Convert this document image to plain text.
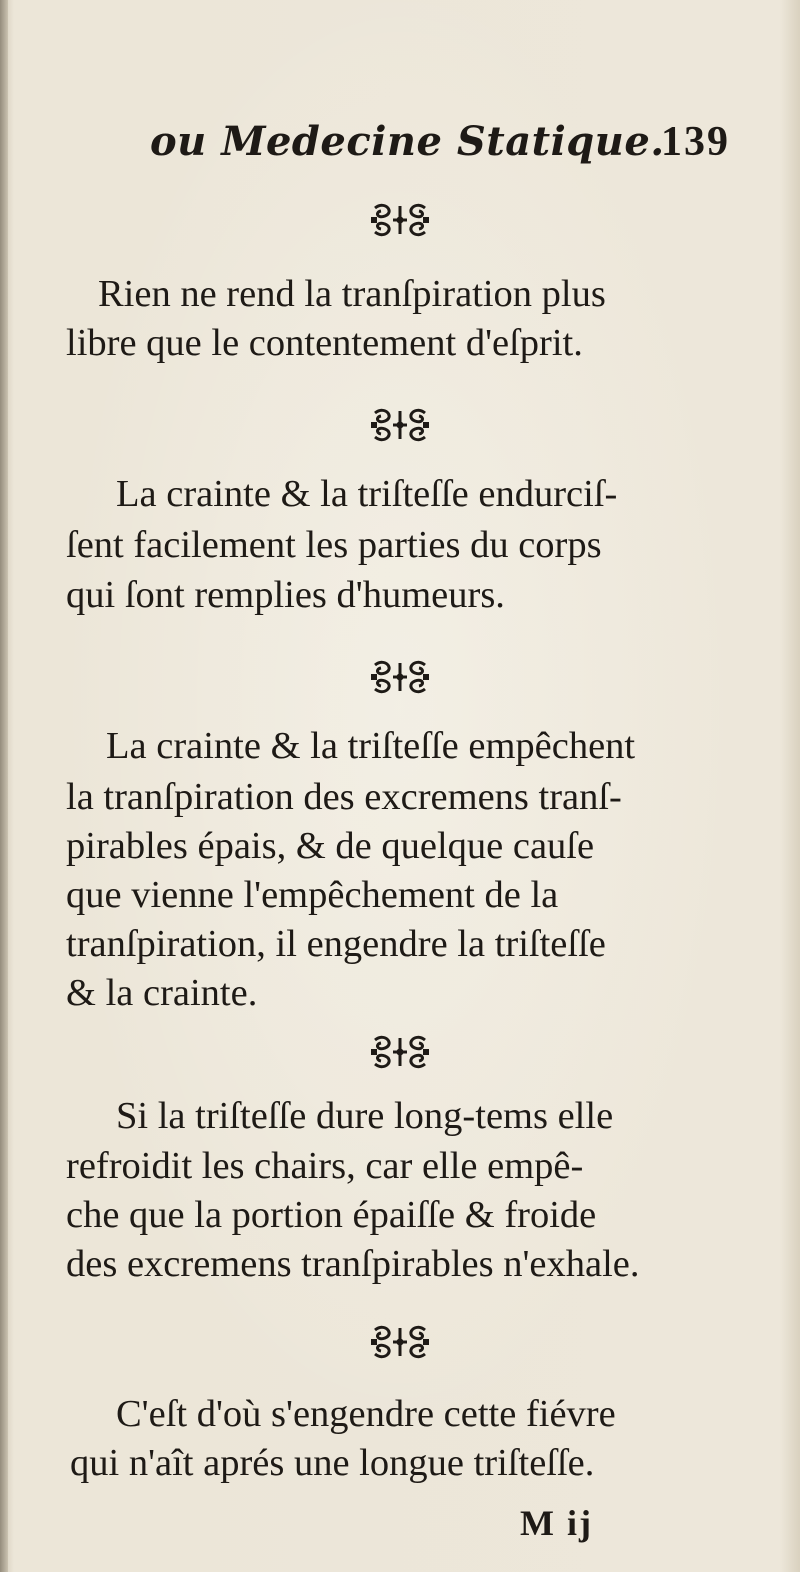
ou Medecine Statique.
139
Rien ne rend la tranſpiration plus
libre que le contentement d'eſprit.
La crainte & la triſteſſe endurciſ-
ſent facilement les parties du corps
qui ſont remplies d'humeurs.
La crainte & la triſteſſe empêchent
la tranſpiration des excremens tranſ-
pirables épais, & de quelque cauſe
que vienne l'empêchement de la
tranſpiration, il engendre la triſteſſe
& la crainte.
Si la triſteſſe dure long-tems elle
refroidit les chairs, car elle empê-
che que la portion épaiſſe & froide
des excremens tranſpirables n'exhale.
C'eſt d'où s'engendre cette fiévre
qui n'aît aprés une longue triſteſſe.
M ij
